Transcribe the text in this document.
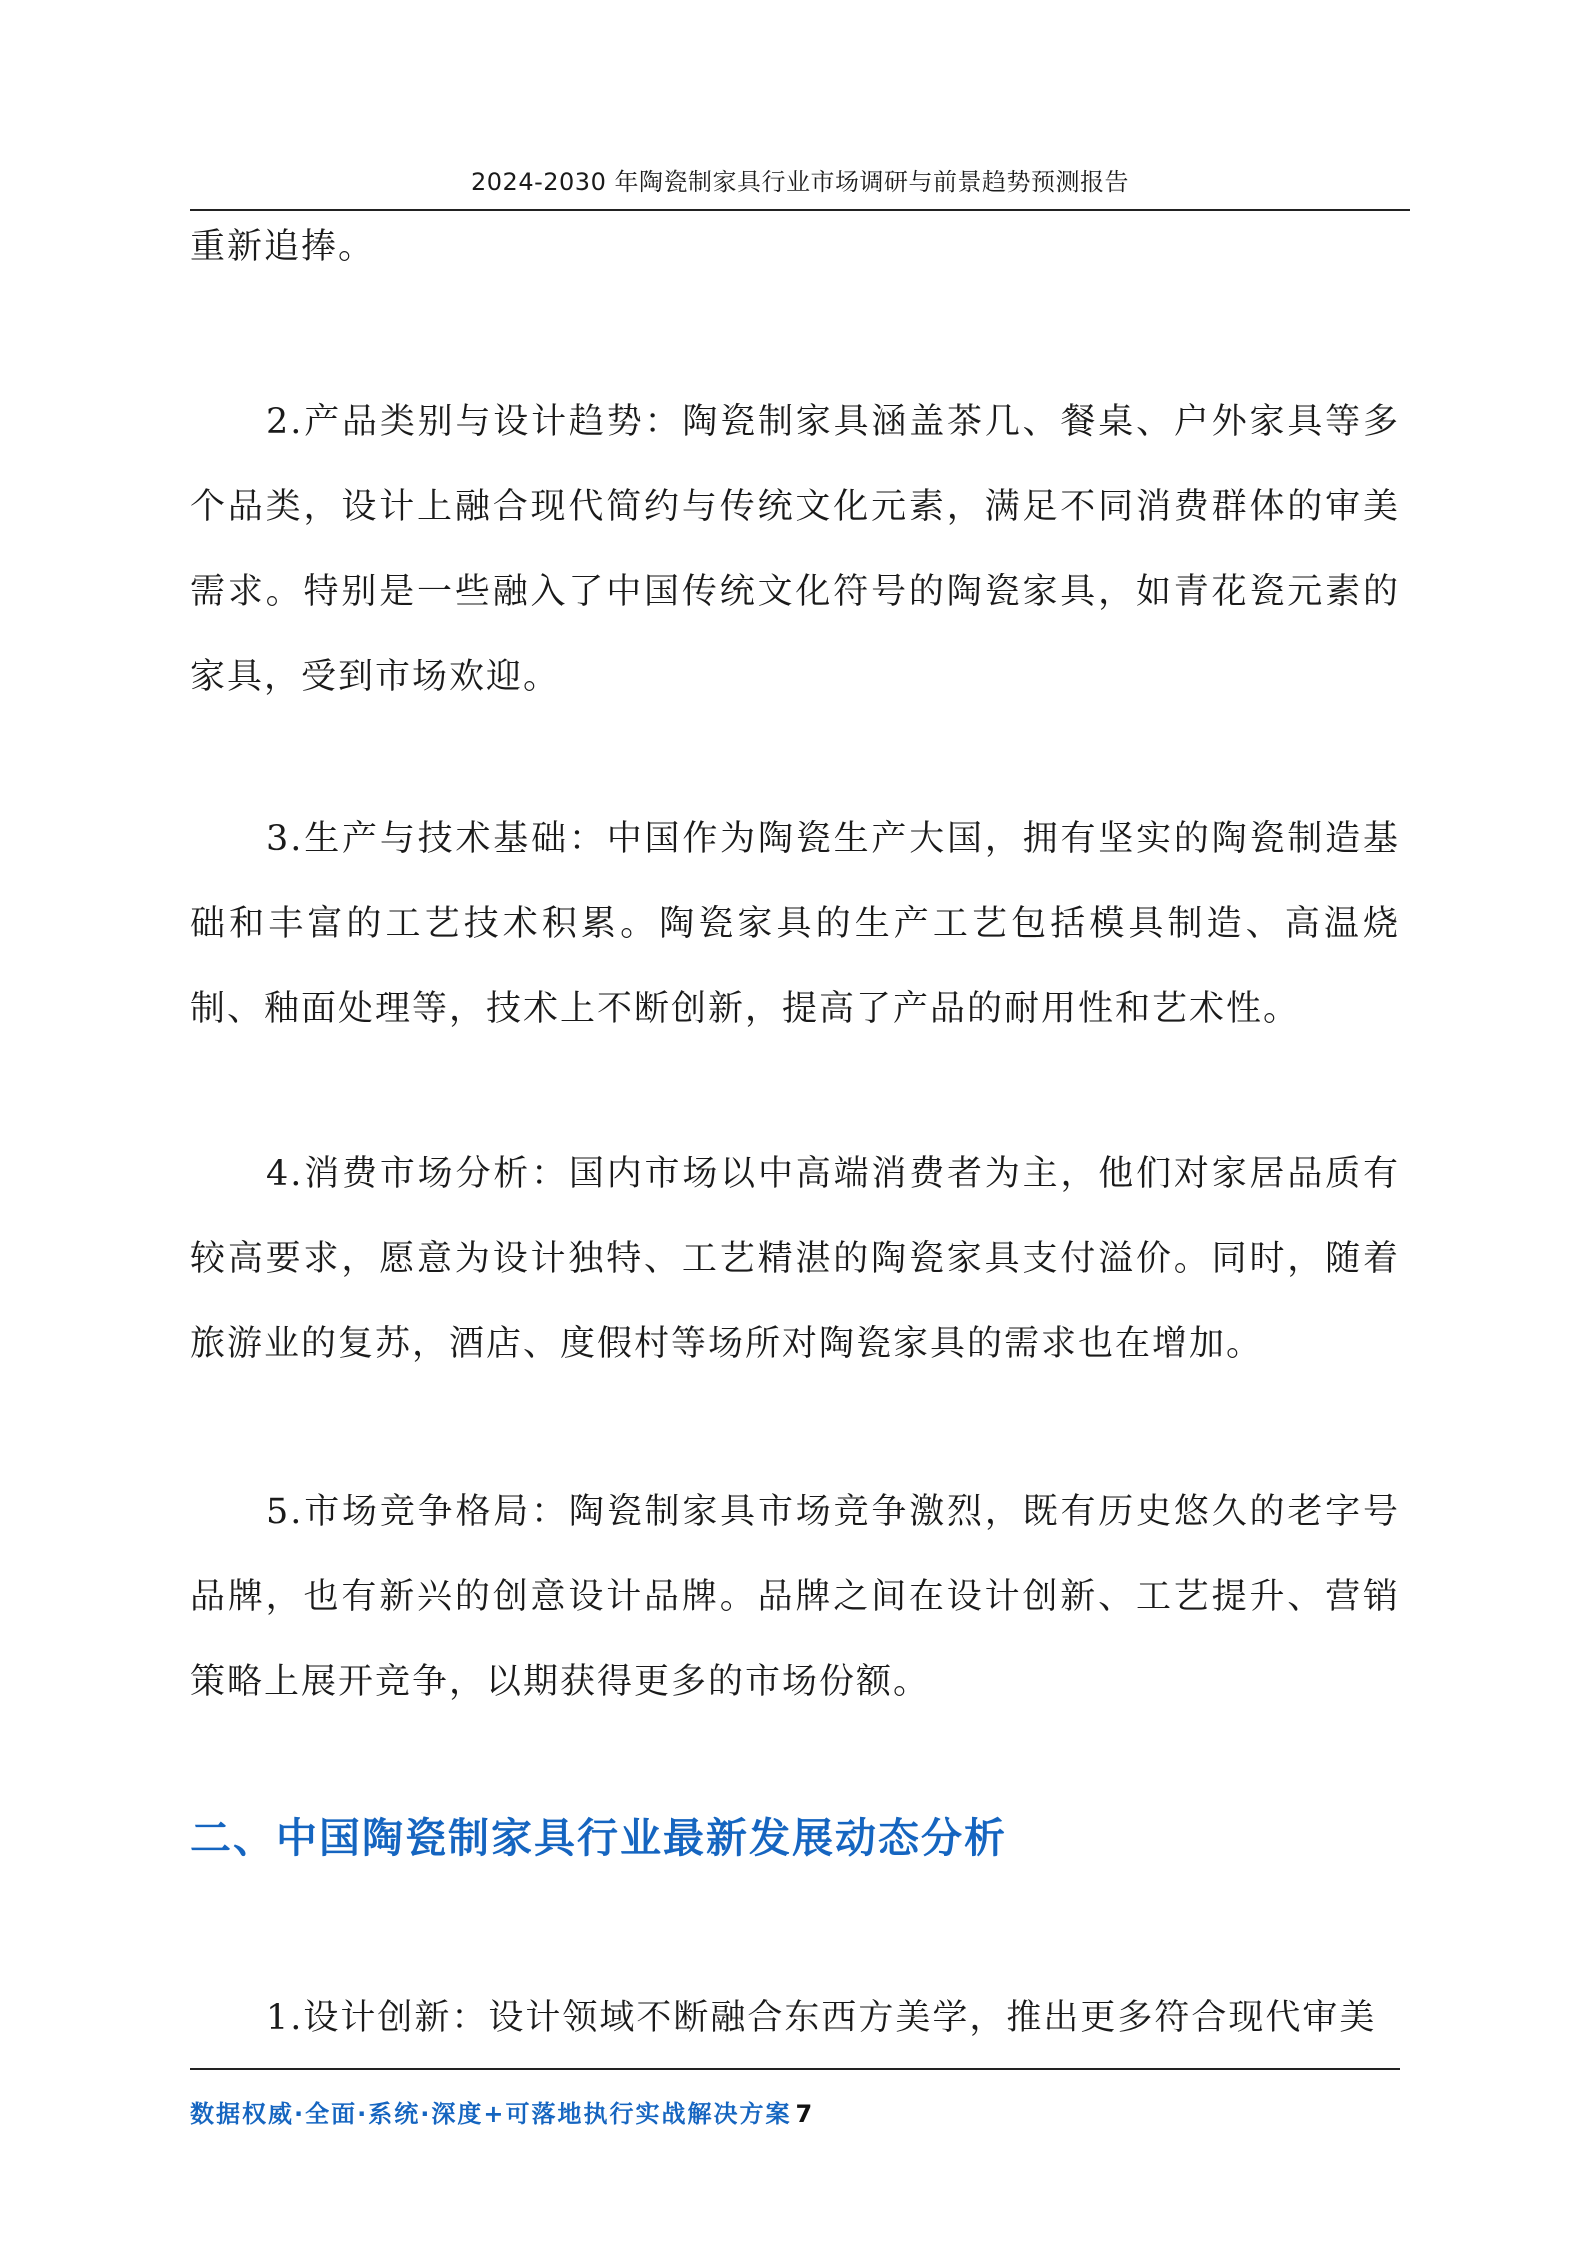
2024-2030 年陶瓷制家具行业市场调研与前景趋势预测报告

重新追捧。

2.产品类别与设计趋势：陶瓷制家具涵盖茶几、餐桌、户外家具等多个品类，设计上融合现代简约与传统文化元素，满足不同消费群体的审美需求。特别是一些融入了中国传统文化符号的陶瓷家具，如青花瓷元素的家具，受到市场欢迎。

3.生产与技术基础：中国作为陶瓷生产大国，拥有坚实的陶瓷制造基础和丰富的工艺技术积累。陶瓷家具的生产工艺包括模具制造、高温烧制、釉面处理等，技术上不断创新，提高了产品的耐用性和艺术性。

4.消费市场分析：国内市场以中高端消费者为主，他们对家居品质有较高要求，愿意为设计独特、工艺精湛的陶瓷家具支付溢价。同时，随着旅游业的复苏，酒店、度假村等场所对陶瓷家具的需求也在增加。

5.市场竞争格局：陶瓷制家具市场竞争激烈，既有历史悠久的老字号品牌，也有新兴的创意设计品牌。品牌之间在设计创新、工艺提升、营销策略上展开竞争，以期获得更多的市场份额。

二、中国陶瓷制家具行业最新发展动态分析

1.设计创新：设计领域不断融合东西方美学，推出更多符合现代审美

数据权威·全面·系统·深度+可落地执行实战解决方案 7
